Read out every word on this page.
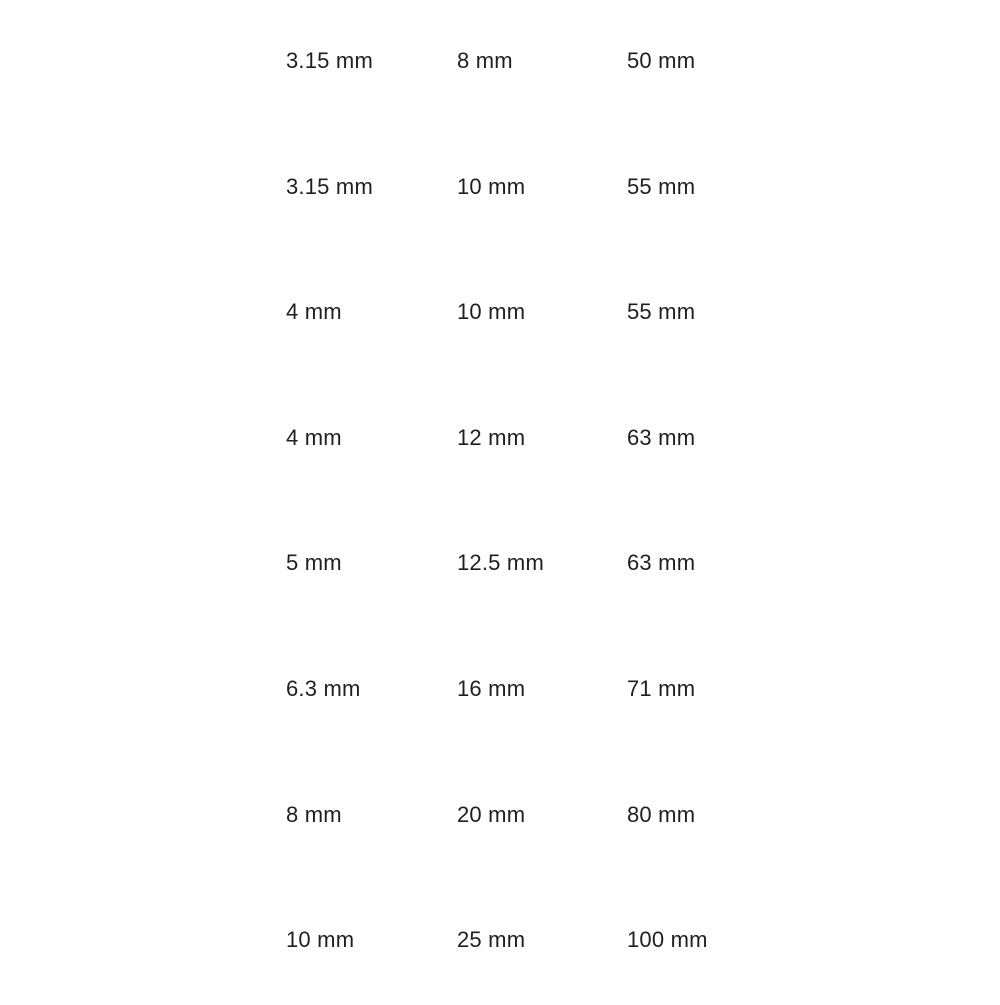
3.15 mm	8 mm	50 mm
3.15 mm	10 mm	55 mm
4 mm	10 mm	55 mm
4 mm	12 mm	63 mm
5 mm	12.5 mm	63 mm
6.3 mm	16 mm	71 mm
8 mm	20 mm	80 mm
10 mm	25 mm	100 mm
